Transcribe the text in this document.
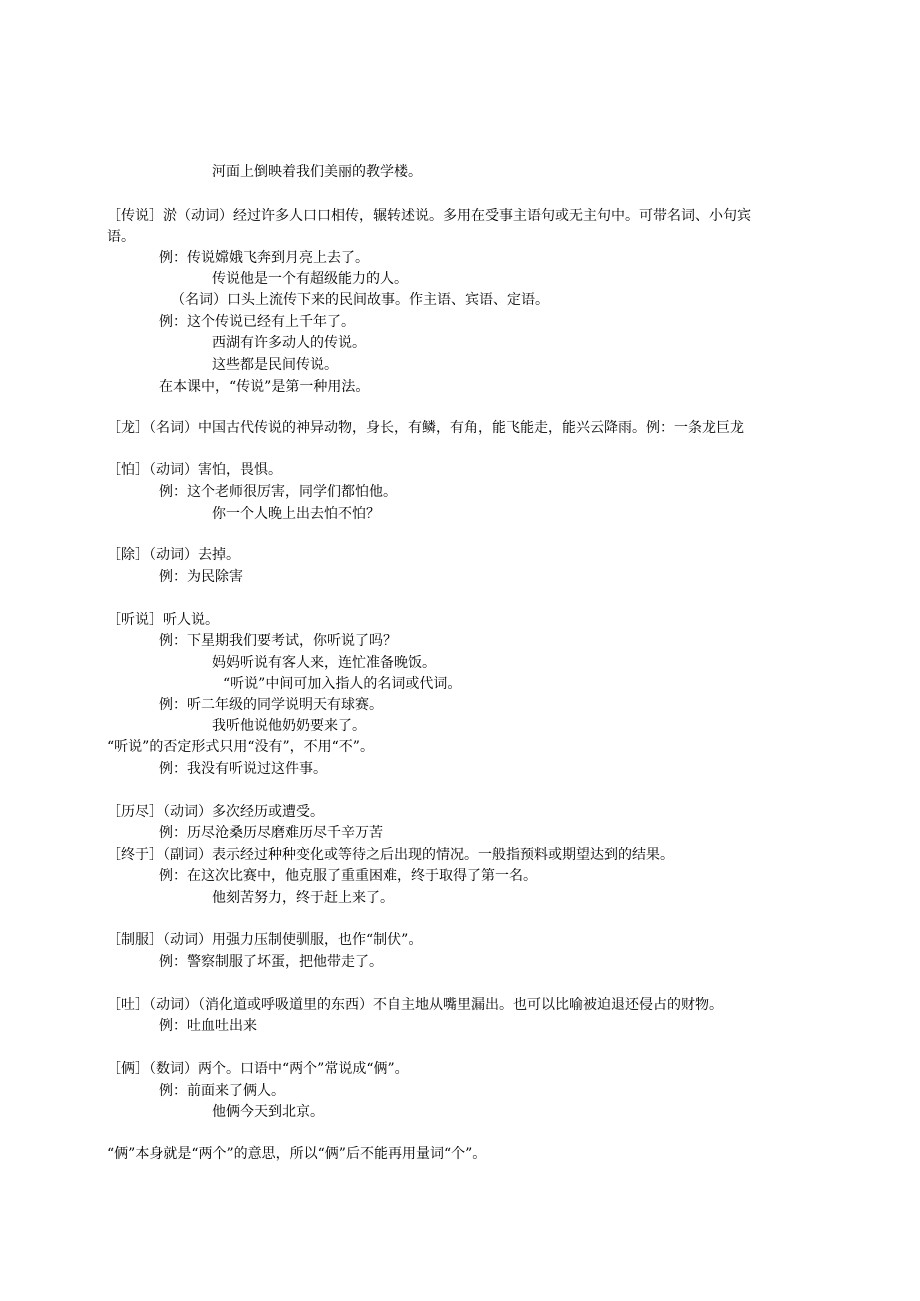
河面上倒映着我们美丽的教学楼。

［传说］淤（动词）经过许多人口口相传，辗转述说。多用在受事主语句或无主句中。可带名词、小句宾

语。

例：传说嫦娥飞奔到月亮上去了。

传说他是一个有超级能力的人。

（名词）口头上流传下来的民间故事。作主语、宾语、定语。

例：这个传说已经有上千年了。

西湖有许多动人的传说。

这些都是民间传说。

在本课中，“传说”是第一种用法。

［龙］（名词）中国古代传说的神异动物，身长，有鳞，有角，能飞能走，能兴云降雨。例：一条龙巨龙

［怕］（动词）害怕，畏惧。

例：这个老师很厉害，同学们都怕他。

你一个人晚上出去怕不怕？

［除］（动词）去掉。

例：为民除害

［听说］听人说。

例：下星期我们要考试，你听说了吗？

妈妈听说有客人来，连忙准备晚饭。

“听说”中间可加入指人的名词或代词。

例：听二年级的同学说明天有球赛。

我听他说他奶奶要来了。

“听说”的否定形式只用“没有”，不用“不”。

例：我没有听说过这件事。

［历尽］（动词）多次经历或遭受。

例：历尽沧桑历尽磨难历尽千辛万苦

［终于］（副词）表示经过种种变化或等待之后出现的情况。一般指预料或期望达到的结果。

例：在这次比赛中，他克服了重重困难，终于取得了第一名。

他刻苦努力，终于赶上来了。

［制服］（动词）用强力压制使驯服，也作“制伏”。

例：警察制服了坏蛋，把他带走了。

［吐］（动词）（消化道或呼吸道里的东西）不自主地从嘴里漏出。也可以比喻被迫退还侵占的财物。

例：吐血吐出来

［俩］（数词）两个。口语中“两个”常说成“俩”。

例：前面来了俩人。

他俩今天到北京。

“俩”本身就是“两个”的意思，所以“俩”后不能再用量词“个”。
